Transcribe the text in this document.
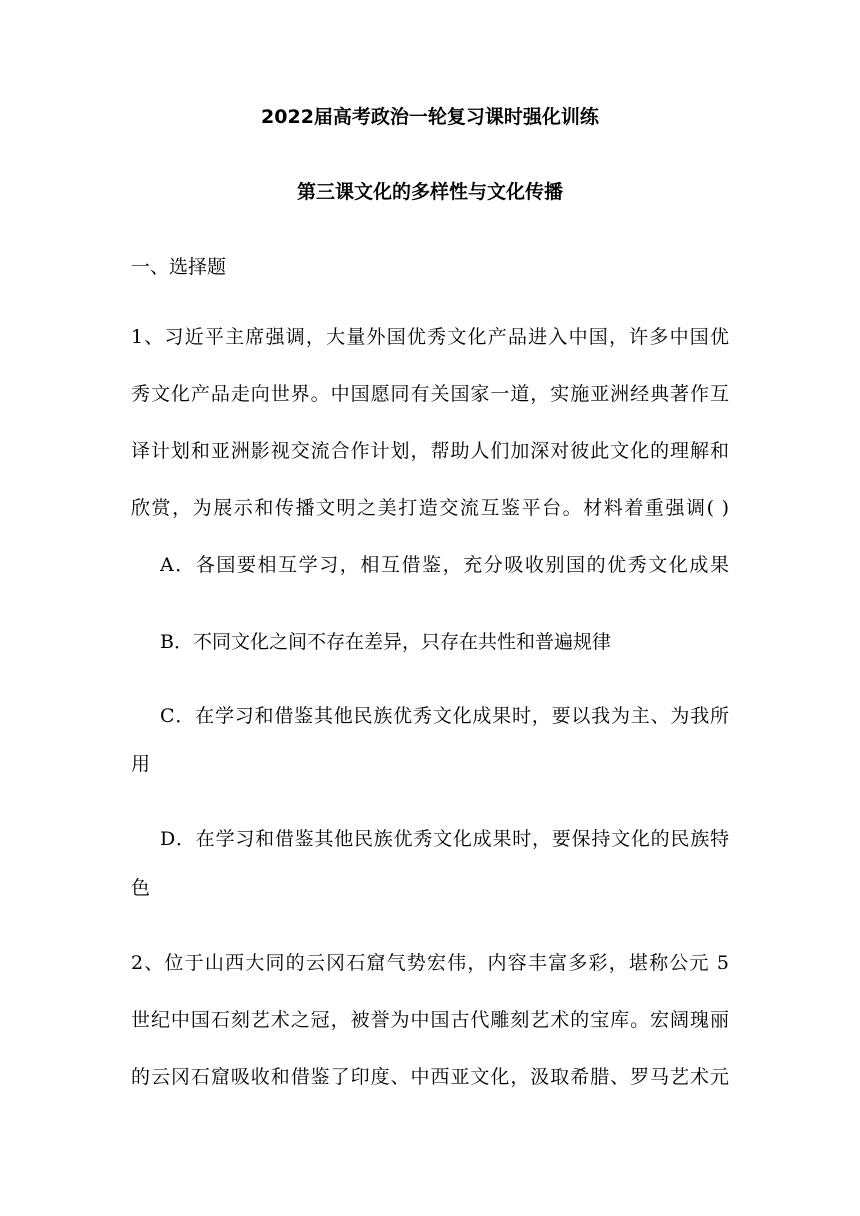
2022届高考政治一轮复习课时强化训练
第三课文化的多样性与文化传播
一、选择题
1、习近平主席强调，大量外国优秀文化产品进入中国，许多中国优
秀文化产品走向世界。中国愿同有关国家一道，实施亚洲经典著作互
译计划和亚洲影视交流合作计划，帮助人们加深对彼此文化的理解和
欣赏，为展示和传播文明之美打造交流互鉴平台。材料着重强调( )
A．各国要相互学习，相互借鉴，充分吸收别国的优秀文化成果
B．不同文化之间不存在差异，只存在共性和普遍规律
C．在学习和借鉴其他民族优秀文化成果时，要以我为主、为我所
用
D．在学习和借鉴其他民族优秀文化成果时，要保持文化的民族特
色
2、位于山西大同的云冈石窟气势宏伟，内容丰富多彩，堪称公元 5
世纪中国石刻艺术之冠，被誉为中国古代雕刻艺术的宝库。宏阔瑰丽
的云冈石窟吸收和借鉴了印度、中西亚文化，汲取希腊、罗马艺术元
